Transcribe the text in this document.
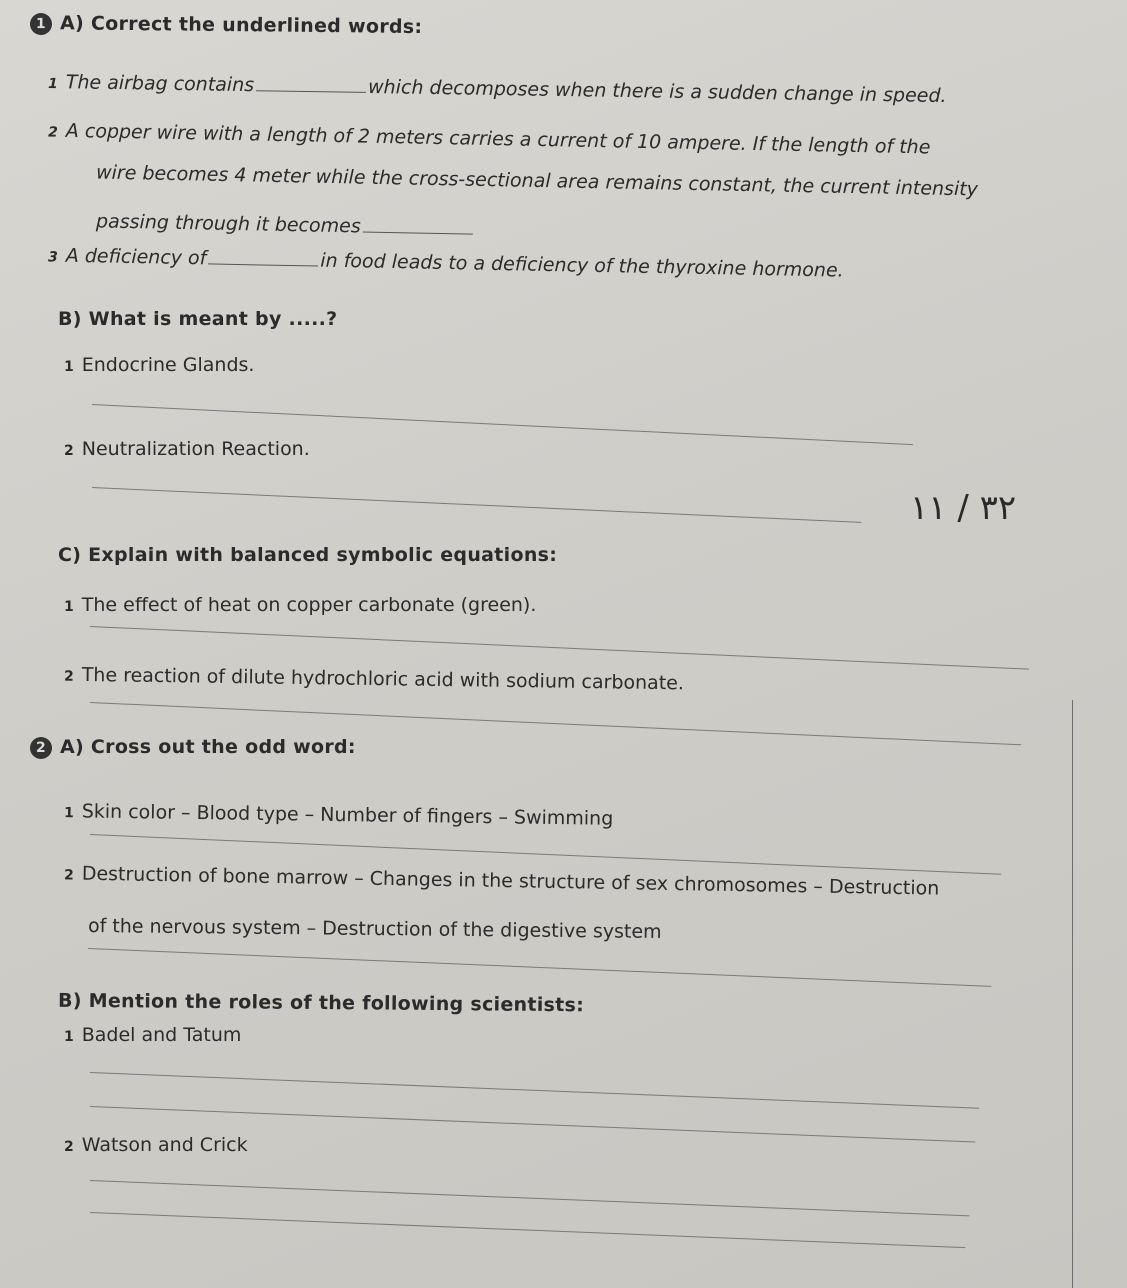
1 A) Correct the underlined words:
1 The airbag contains	which decomposes when there is a sudden change in speed.
2 A copper wire with a length of 2 meters carries a current of 10 ampere. If the length of the
wire becomes 4 meter while the cross-sectional area remains constant, the current intensity
passing through it becomes
3 A deficiency of	in food leads to a deficiency of the thyroxine hormone.
B) What is meant by .....?
1 Endocrine Glands.
2 Neutralization Reaction.
٣٢ / ١١
C) Explain with balanced symbolic equations:
1 The effect of heat on copper carbonate (green).
2 The reaction of dilute hydrochloric acid with sodium carbonate.
2 A) Cross out the odd word:
1 Skin color – Blood type – Number of fingers – Swimming
2 Destruction of bone marrow – Changes in the structure of sex chromosomes – Destruction
of the nervous system – Destruction of the digestive system
B) Mention the roles of the following scientists:
1 Badel and Tatum
2 Watson and Crick
